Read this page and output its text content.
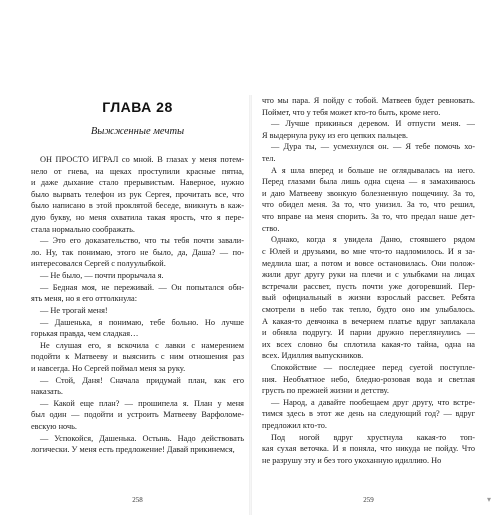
ГЛАВА 28
Выжженные мечты
ОН ПРОСТО ИГРАЛ со мной. В глазах у меня потем-
нело от гнева, на щеках проступили красные пятна,
и даже дыхание стало прерывистым. Наверное, нужно
было вырвать телефон из рук Сергея, прочитать все, что
было написано в этой проклятой беседе, вникнуть в каж-
дую букву, но меня охватила такая ярость, что я пере-
стала нормально соображать.
— Это его доказательство, что ты тебя почти завали-
ло. Ну, так понимаю, этого не было, да, Даша? — по-
интересовался Сергей с полуулыбкой.
— Не было, — почти прорычала я.
— Бедная моя, не переживай. — Он попытался обн-
ять меня, но я его оттолкнула:
— Не трогай меня!
— Дашенька, я понимаю, тебе больно. Но лучше
горькая правда, чем сладкая…
Не слушая его, я вскочила с лавки с намерением
подойти к Матвееву и выяснить с ним отношения раз
и навсегда. Но Сергей поймал меня за руку.
— Стой, Даня! Сначала придумай план, как его
наказать.
— Какой еще план? — прошипела я. План у меня
был один — подойти и устроить Матвееву Варфоломе-
евскую ночь.
— Успокойся, Дашенька. Остынь. Надо действовать
логически. У меня есть предложение! Давай прикинемся,
258
что мы пара. Я пойду с тобой. Матвеев будет ревновать.
Поймет, что у тебя может кто-то быть, кроме него.
— Лучше прикинься деревом. И отпусти меня. —
Я выдернула руку из его цепких пальцев.
— Дура ты, — усмехнулся он. — Я тебе помочь хо-
тел.
А я шла вперед и больше не оглядывалась на него.
Перед глазами была лишь одна сцена — я замахиваюсь
и даю Матвееву звонкую болезненную пощечину. За то,
что обидел меня. За то, что унизил. За то, что решил,
что вправе на меня спорить. За то, что предал наше дет-
ство.
Однако, когда я увидела Даню, стоявшего рядом
с Юлей и друзьями, во мне что-то надломилось. И я за-
медлила шаг, а потом и вовсе остановилась. Они полож-
жили друг другу руки на плечи и с улыбками на лицах
встречали рассвет, пусть почти уже догоревший. Пер-
вый официальный в жизни взрослый рассвет. Ребята
смотрели в небо так тепло, будто оно им улыбалось.
А какая-то девчонка в вечернем платье вдруг заплакала
и обняла подругу. И парни дружно переглянулись —
их всех словно бы сплотила какая-то тайна, одна на
всех. Идиллия выпускников.
Спокойствие — последнее перед суетой поступле-
ния. Необъятное небо, бледно-розовая вода и светлая
грусть по прежней жизни и детству.
— Народ, а давайте пообещаем друг другу, что встре-
тимся здесь в этот же день на следующий год? — вдруг
предложил кто-то.
Под ногой вдруг хрустнула какая-то топ-
кая сухая веточка. И я поняла, что никуда не пойду. Что
не разрушу эту и без того укоханную идиллию. Но
259	▾
